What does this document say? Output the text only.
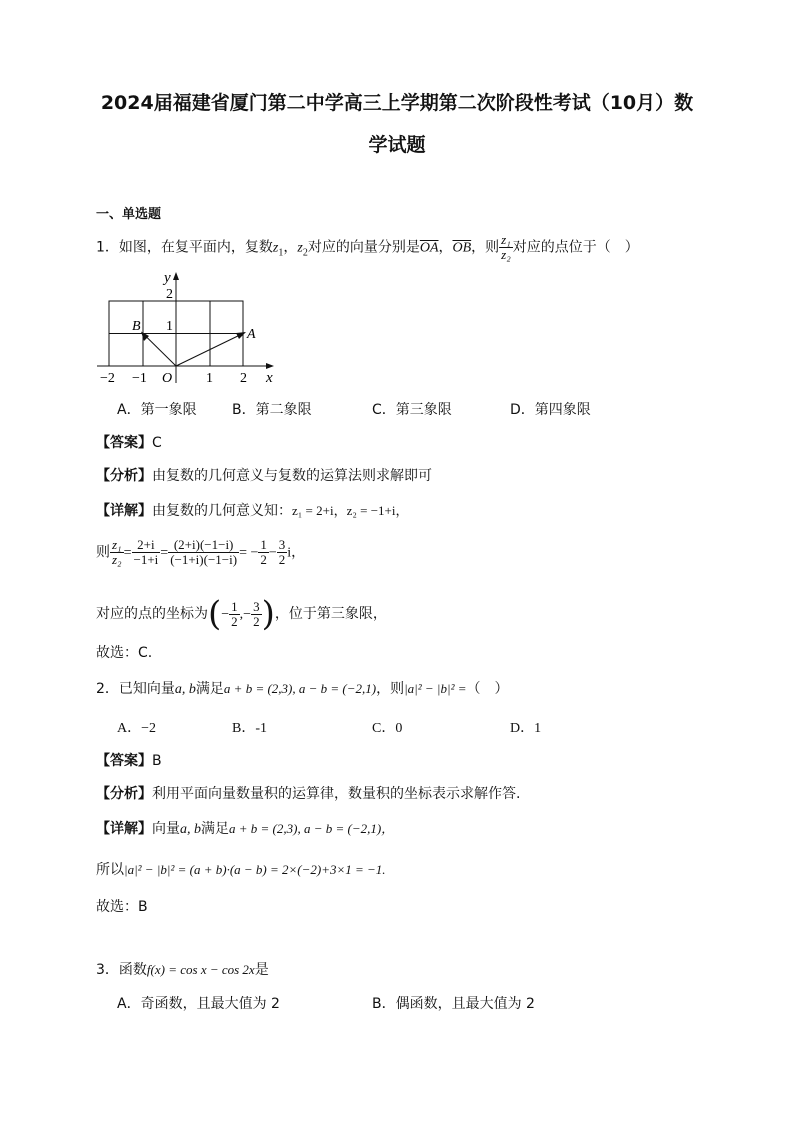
2024届福建省厦门第二中学高三上学期第二次阶段性考试（10月）数
学试题
一、单选题
1．如图，在复平面内，复数$z_1$，$z_2$对应的向量分别是$\overline{OA}$，$\overline{OB}$，则 $\frac{\text{z₁}}{\text{z₂}}$ 对应的点位于（　）
y
x
2
1
B
A
O
−2 −1	1 2
A．第一象限	B．第二象限	C．第三象限	D．第四象限
【答案】C
【分析】由复数的几何意义与复数的运算法则求解即可
【详解】由复数的几何意义知：z₁ = 2+i，z₂ = −1+i，
则 $\frac{\text{z₁}}{\text{z₂}} = \frac{2+i}{-1+i} = \frac{(2+i)(-1-i)}{(-1+i)(-1-i)}$ = − $\frac{1}{2} - \frac{3}{2}$ i，
对应的点的坐标为(− $\frac{1}{2}$ ,− $\frac{3}{2}$ )，位于第三象限，
故选：C.
2．已知向量a, b满足a + b = (2,3), a − b = (−2,1)，则|a|² − |b|² =（　）
A．−2	B．-1	C．0	D．1
【答案】B
【分析】利用平面向量数量积的运算律，数量积的坐标表示求解作答.
【详解】向量a, b满足a + b = (2,3), a − b = (−2,1)，
所以|a|² − |b|² = (a + b)·(a − b) = 2×(−2)+3×1 = −1.
故选：B
3．函数f(x) = cos x − cos 2x是
A．奇函数，且最大值为 2	B．偶函数，且最大值为 2
